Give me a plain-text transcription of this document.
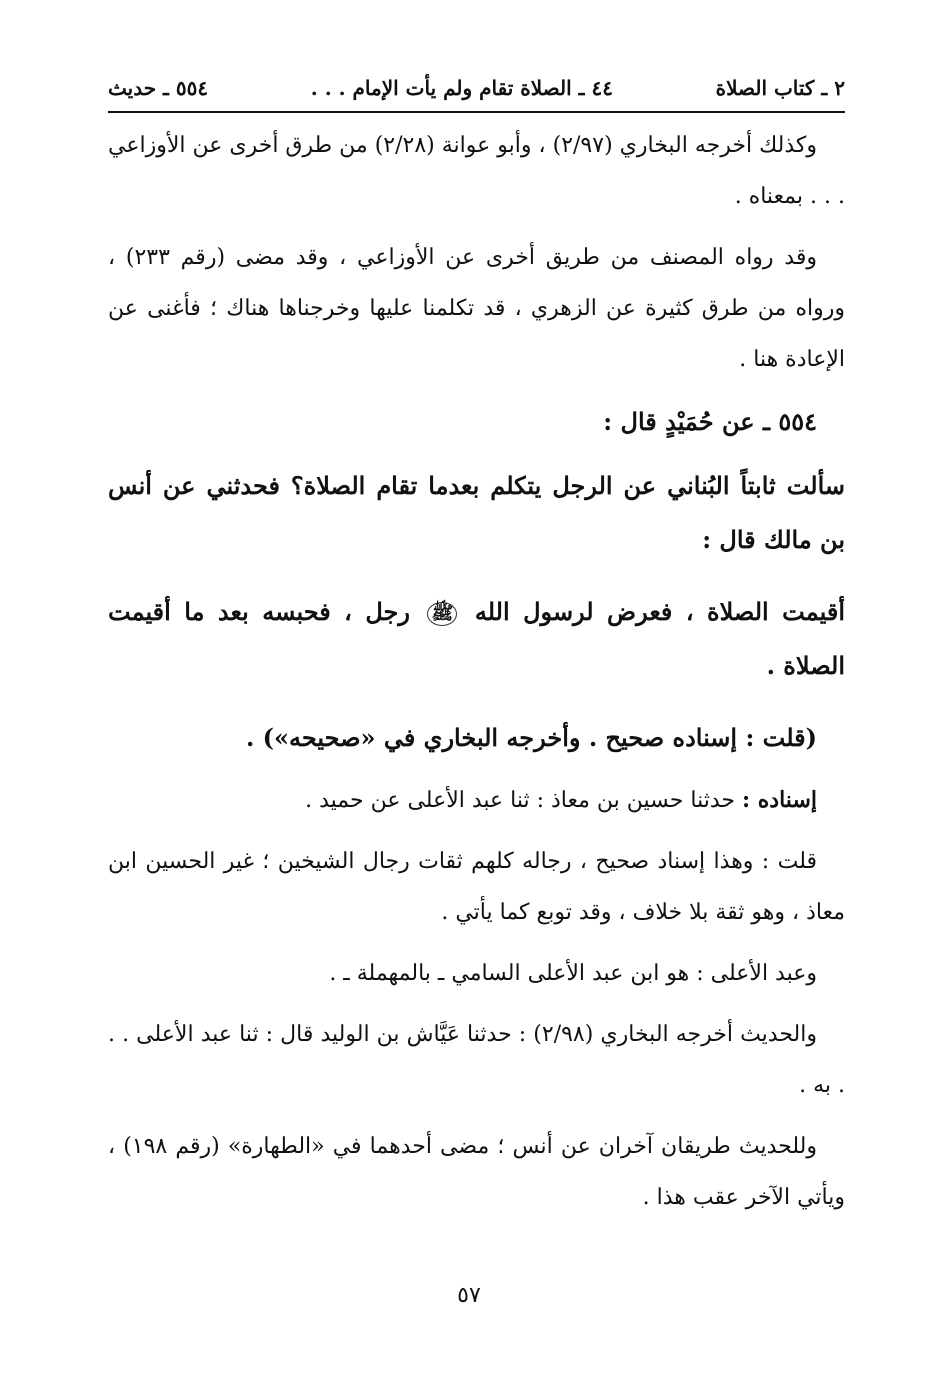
٢ ـ كتاب الصلاة
٤٤ ـ الصلاة تقام ولم يأت الإمام . . .
٥٥٤ ـ حديث

وكذلك أخرجه البخاري (٢/٩٧) ، وأبو عوانة (٢/٢٨) من طرق أخرى عن الأوزاعي . . . بمعناه .

وقد رواه المصنف من طريق أخرى عن الأوزاعي ، وقد مضى (رقم ٢٣٣) ، ورواه من طرق كثيرة عن الزهري ، قد تكلمنا عليها وخرجناها هناك ؛ فأغنى عن الإعادة هنا .

٥٥٤ ـ عن حُمَيْدٍ قال :

سألت ثابتاً البُناني عن الرجل يتكلم بعدما تقام الصلاة؟ فحدثني عن أنس بن مالك قال :

أقيمت الصلاة ، فعرض لرسول الله ﷺ رجل ، فحبسه بعد ما أقيمت الصلاة .

(قلت : إسناده صحيح . وأخرجه البخاري في «صحيحه») .

إسناده : حدثنا حسين بن معاذ : ثنا عبد الأعلى عن حميد .

قلت : وهذا إسناد صحيح ، رجاله كلهم ثقات رجال الشيخين ؛ غير الحسين ابن معاذ ، وهو ثقة بلا خلاف ، وقد توبع كما يأتي .

وعبد الأعلى : هو ابن عبد الأعلى السامي ـ بالمهملة ـ .

والحديث أخرجه البخاري (٢/٩٨) : حدثنا عَيَّاش بن الوليد قال : ثنا عبد الأعلى . . . به .

وللحديث طريقان آخران عن أنس ؛ مضى أحدهما في «الطهارة» (رقم ١٩٨) ، ويأتي الآخر عقب هذا .

٥٧
